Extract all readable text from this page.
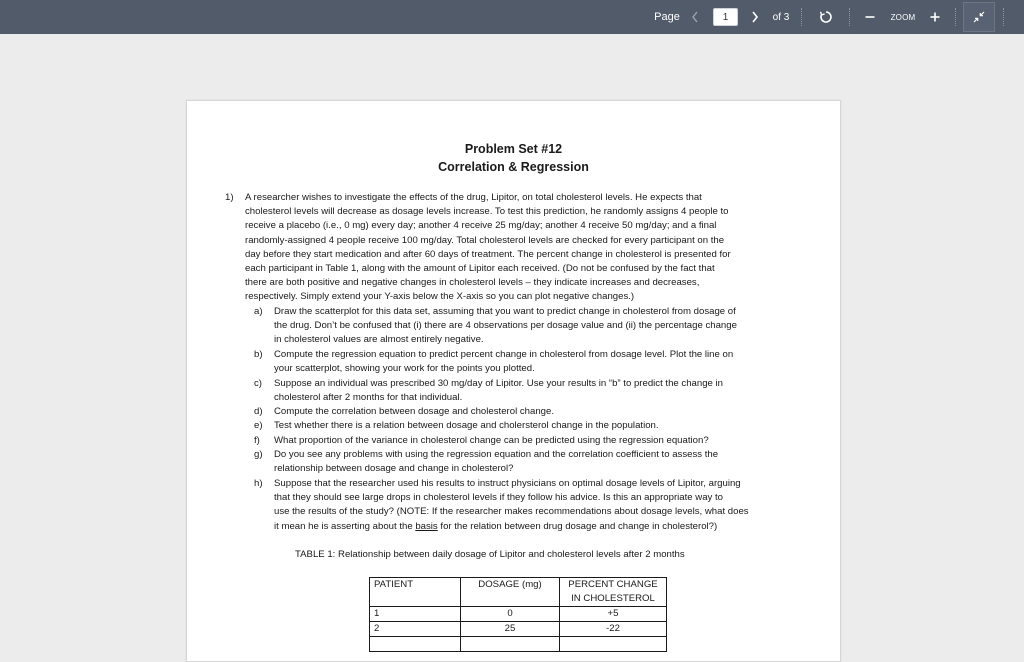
Page
1	of 3	ZOOM
Problem Set #12
Correlation & Regression
1) A researcher wishes to investigate the effects of the drug, Lipitor, on total cholesterol levels. He expects that
cholesterol levels will decrease as dosage levels increase. To test this prediction, he randomly assigns 4 people to
receive a placebo (i.e., 0 mg) every day; another 4 receive 25 mg/day; another 4 receive 50 mg/day; and a final
randomly-assigned 4 people receive 100 mg/day. Total cholesterol levels are checked for every participant on the
day before they start medication and after 60 days of treatment. The percent change in cholesterol is presented for
each participant in Table 1, along with the amount of Lipitor each received. (Do not be confused by the fact that
there are both positive and negative changes in cholesterol levels – they indicate increases and decreases,
respectively. Simply extend your Y-axis below the X-axis so you can plot negative changes.)
a) Draw the scatterplot for this data set, assuming that you want to predict change in cholesterol from dosage of
the drug. Don’t be confused that (i) there are 4 observations per dosage value and (ii) the percentage change
in cholesterol values are almost entirely negative.
b) Compute the regression equation to predict percent change in cholesterol from dosage level. Plot the line on
your scatterplot, showing your work for the points you plotted.
c) Suppose an individual was prescribed 30 mg/day of Lipitor. Use your results in “b” to predict the change in
cholesterol after 2 months for that individual.
d) Compute the correlation between dosage and cholesterol change.
e) Test whether there is a relation between dosage and cholersterol change in the population.
f) What proportion of the variance in cholesterol change can be predicted using the regression equation?
g) Do you see any problems with using the regression equation and the correlation coefficient to assess the
relationship between dosage and change in cholesterol?
h) Suppose that the researcher used his results to instruct physicians on optimal dosage levels of Lipitor, arguing
that they should see large drops in cholesterol levels if they follow his advice. Is this an appropriate way to
use the results of the study? (NOTE: If the researcher makes recommendations about dosage levels, what does
it mean he is asserting about the basis for the relation between drug dosage and change in cholesterol?)
TABLE 1: Relationship between daily dosage of Lipitor and cholesterol levels after 2 months
PATIENT	DOSAGE (mg)	PERCENT CHANGE
IN CHOLESTEROL

1	0	+5
2	25	-22
